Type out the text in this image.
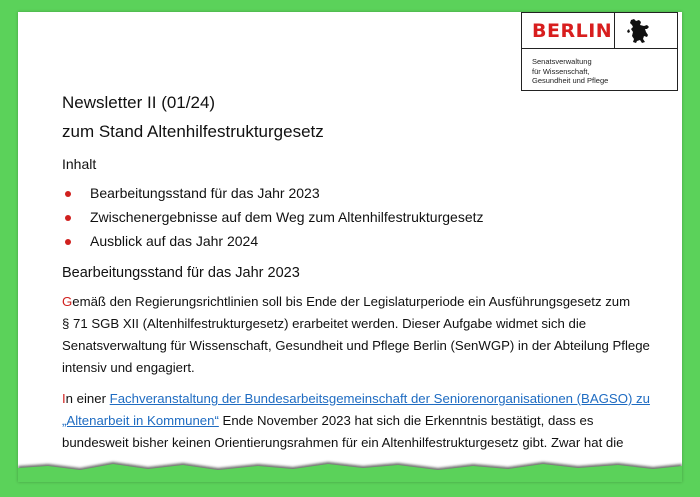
BERLIN
Senatsverwaltung
für Wissenschaft,
Gesundheit und Pflege
Newsletter II (01/24)
zum Stand Altenhilfestrukturgesetz
Inhalt
Bearbeitungsstand für das Jahr 2023
Zwischenergebnisse auf dem Weg zum Altenhilfestrukturgesetz
Ausblick auf das Jahr 2024
Bearbeitungsstand für das Jahr 2023
Gemäß den Regierungsrichtlinien soll bis Ende der Legislaturperiode ein Ausführungsgesetz zum
§ 71 SGB XII (Altenhilfestrukturgesetz) erarbeitet werden. Dieser Aufgabe widmet sich die
Senatsverwaltung für Wissenschaft, Gesundheit und Pflege Berlin (SenWGP) in der Abteilung Pflege
intensiv und engagiert.
In einer Fachveranstaltung der Bundesarbeitsgemeinschaft der Seniorenorganisationen (BAGSO) zu
„Altenarbeit in Kommunen“ Ende November 2023 hat sich die Erkenntnis bestätigt, dass es
bundesweit bisher keinen Orientierungsrahmen für ein Altenhilfestrukturgesetz gibt. Zwar hat die
